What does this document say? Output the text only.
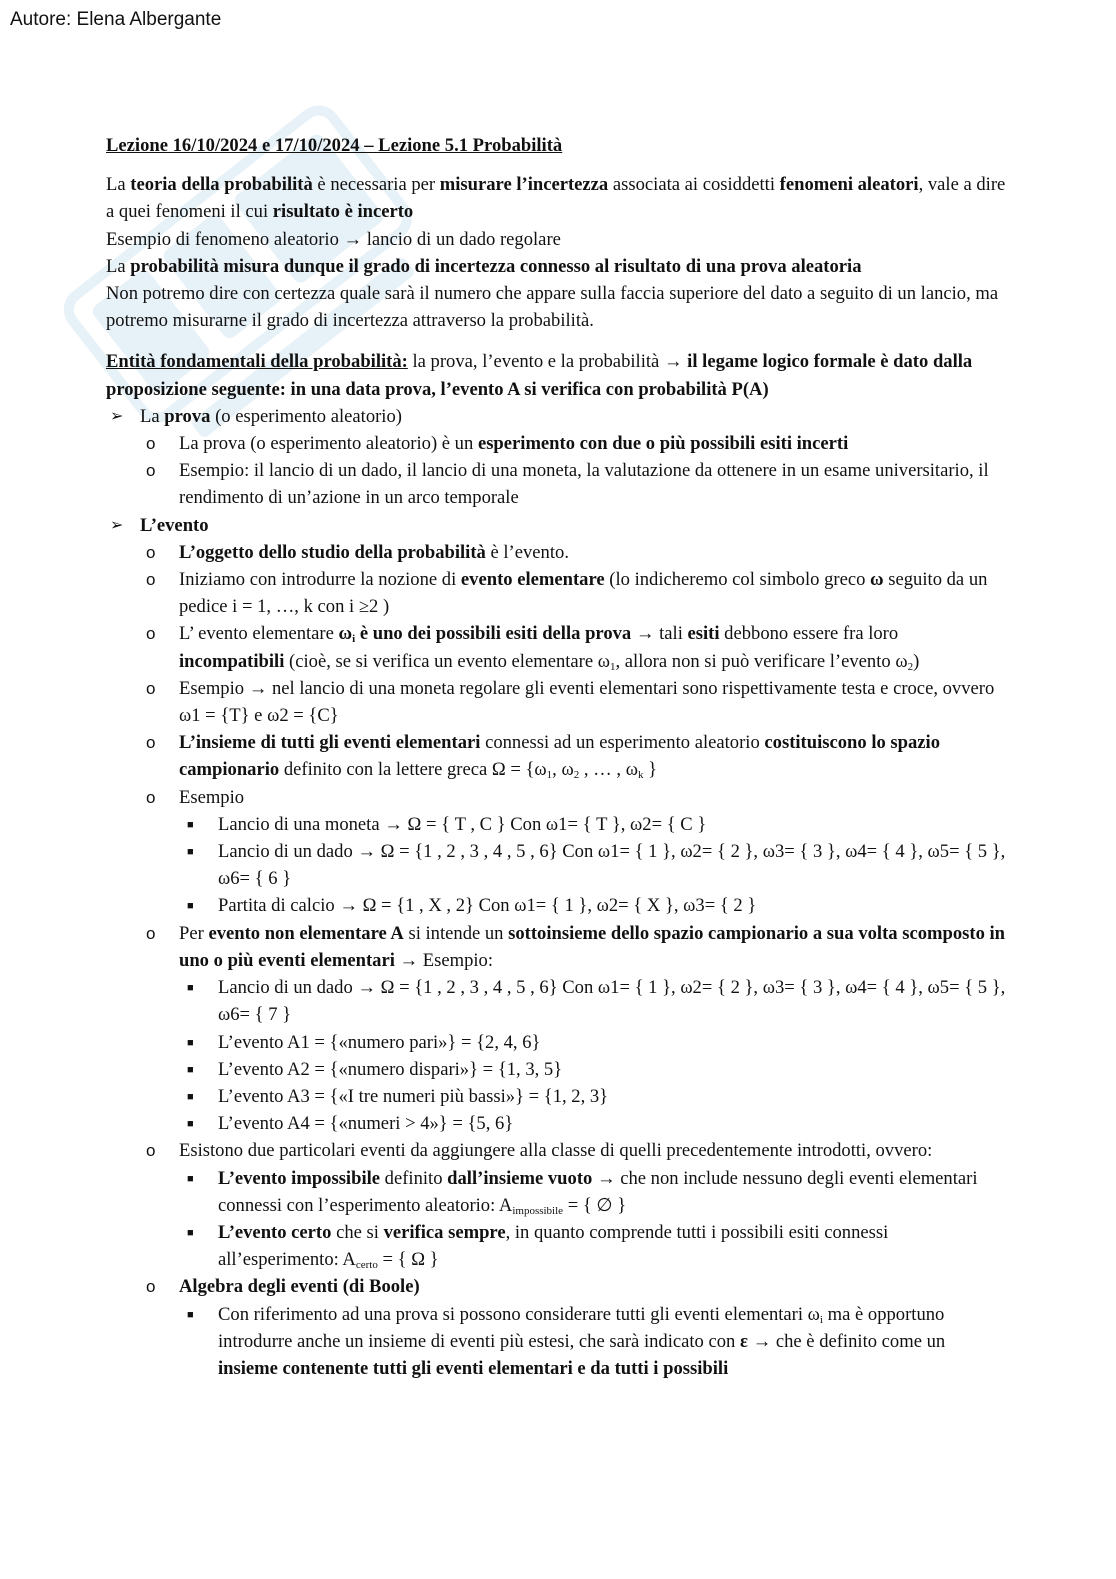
Autore: Elena Albergante

Lezione 16/10/2024 e 17/10/2024 – Lezione 5.1 Probabilità

La teoria della probabilità è necessaria per misurare l’incertezza associata ai cosiddetti fenomeni aleatori, vale a dire a quei fenomeni il cui risultato è incerto

Esempio di fenomeno aleatorio → lancio di un dado regolare

La probabilità misura dunque il grado di incertezza connesso al risultato di una prova aleatoria

Non potremo dire con certezza quale sarà il numero che appare sulla faccia superiore del dato a seguito di un lancio, ma potremo misurarne il grado di incertezza attraverso la probabilità.

Entità fondamentali della probabilità: la prova, l’evento e la probabilità → il legame logico formale è dato dalla proposizione seguente: in una data prova, l’evento A si verifica con probabilità P(A)

➢ La prova (o esperimento aleatorio)
o La prova (o esperimento aleatorio) è un esperimento con due o più possibili esiti incerti
o Esempio: il lancio di un dado, il lancio di una moneta, la valutazione da ottenere in un esame universitario, il rendimento di un’azione in un arco temporale
➢ L’evento
o L’oggetto dello studio della probabilità è l’evento.
o Iniziamo con introdurre la nozione di evento elementare (lo indicheremo col simbolo greco ω seguito da un pedice i = 1, …, k con i ≥2 )
o L’ evento elementare $\omega_i$ è uno dei possibili esiti della prova → tali esiti debbono essere fra loro incompatibili (cioè, se si verifica un evento elementare $\omega_1$, allora non si può verificare l’evento $\omega_2$)
o Esempio → nel lancio di una moneta regolare gli eventi elementari sono rispettivamente testa e croce, ovvero ω1 = {T} e ω2 = {C}
o L’insieme di tutti gli eventi elementari connessi ad un esperimento aleatorio costituiscono lo spazio campionario definito con la lettere greca $\Omega = \{\omega_1$, $\omega_2$ , … , $\omega_k$ }
o Esempio
■ Lancio di una moneta → Ω = { T , C } Con ω1= { T }, ω2= { C }
■ Lancio di un dado → Ω = {1 , 2 , 3 , 4 , 5 , 6} Con ω1= { 1 }, ω2= { 2 }, ω3= { 3 }, ω4= { 4 }, ω5= { 5 }, ω6= { 6 }
■ Partita di calcio → Ω = {1 , X , 2} Con ω1= { 1 }, ω2= { X }, ω3= { 2 }
o Per evento non elementare A si intende un sottoinsieme dello spazio campionario a sua volta scomposto in uno o più eventi elementari → Esempio:
■ Lancio di un dado → Ω = {1 , 2 , 3 , 4 , 5 , 6} Con ω1= { 1 }, ω2= { 2 }, ω3= { 3 }, ω4= { 4 }, ω5= { 5 }, ω6= { 7 }
■ L’evento A1 = {«numero pari»} = {2, 4, 6}
■ L’evento A2 = {«numero dispari»} = {1, 3, 5}
■ L’evento A3 = {«I tre numeri più bassi»} = {1, 2, 3}
■ L’evento A4 = {«numeri > 4»} = {5, 6}
o Esistono due particolari eventi da aggiungere alla classe di quelli precedentemente introdotti, ovvero:
■ L’evento impossibile definito dall’insieme vuoto → che non include nessuno degli eventi elementari connessi con l’esperimento aleatorio: $A_{impossibile}$ = { ∅ }
■ L’evento certo che si verifica sempre, in quanto comprende tutti i possibili esiti connessi all’esperimento: $A_{certo}$ = { Ω }
o Algebra degli eventi (di Boole)
■ Con riferimento ad una prova si possono considerare tutti gli eventi elementari $\omega_i$ ma è opportuno introdurre anche un insieme di eventi più estesi, che sarà indicato con ε → che è definito come un insieme contenente tutti gli eventi elementari e da tutti i possibili
